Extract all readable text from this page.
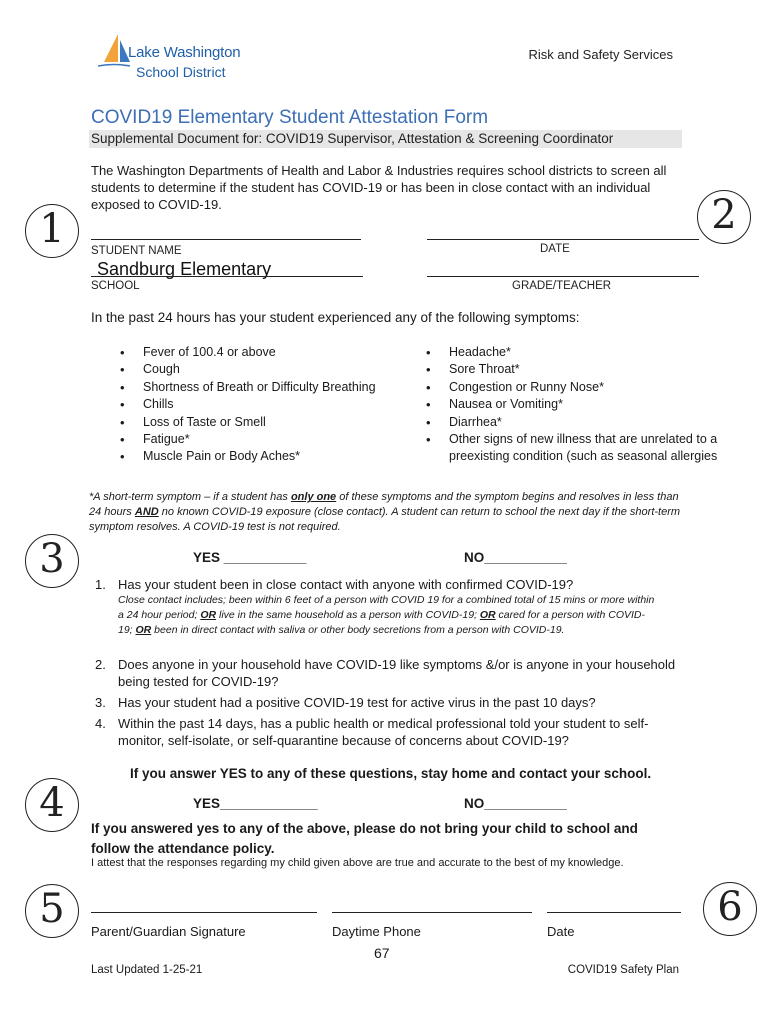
Lake Washington
School District
Risk and Safety Services
COVID19 Elementary Student Attestation Form
Supplemental Document for: COVID19 Supervisor, Attestation & Screening Coordinator
The Washington Departments of Health and Labor & Industries requires school districts to screen all students to determine if the student has COVID-19 or has been in close contact with an individual exposed to COVID-19.
1	2
3
4
5	6
STUDENT NAME	DATE
Sandburg Elementary
SCHOOL	GRADE/TEACHER
In the past 24 hours has your student experienced any of the following symptoms:
• Fever of 100.4 or above
• Cough
• Shortness of Breath or Difficulty Breathing
• Chills
• Loss of Taste or Smell
• Fatigue*
• Muscle Pain or Body Aches*
• Headache*
• Sore Throat*
• Congestion or Runny Nose*
• Nausea or Vomiting*
• Diarrhea*
• Other signs of new illness that are unrelated to a preexisting condition (such as seasonal allergies
*A short-term symptom – if a student has only one of these symptoms and the symptom begins and resolves in less than 24 hours AND no known COVID-19 exposure (close contact). A student can return to school the next day if the short-term symptom resolves. A COVID-19 test is not required.
YES ___________	NO___________
1. Has your student been in close contact with anyone with confirmed COVID-19?
Close contact includes; been within 6 feet of a person with COVID 19 for a combined total of 15 mins or more within a 24 hour period; OR live in the same household as a person with COVID-19; OR cared for a person with COVID-19; OR been in direct contact with saliva or other body secretions from a person with COVID-19.
2. Does anyone in your household have COVID-19 like symptoms &/or is anyone in your household being tested for COVID-19?
3. Has your student had a positive COVID-19 test for active virus in the past 10 days?
4. Within the past 14 days, has a public health or medical professional told your student to self-monitor, self-isolate, or self-quarantine because of concerns about COVID-19?
If you answer YES to any of these questions, stay home and contact your school.
YES_____________	NO___________
If you answered yes to any of the above, please do not bring your child to school and follow the attendance policy.
I attest that the responses regarding my child given above are true and accurate to the best of my knowledge.
Parent/Guardian Signature	Daytime Phone	Date
67
Last Updated 1-25-21	COVID19 Safety Plan
